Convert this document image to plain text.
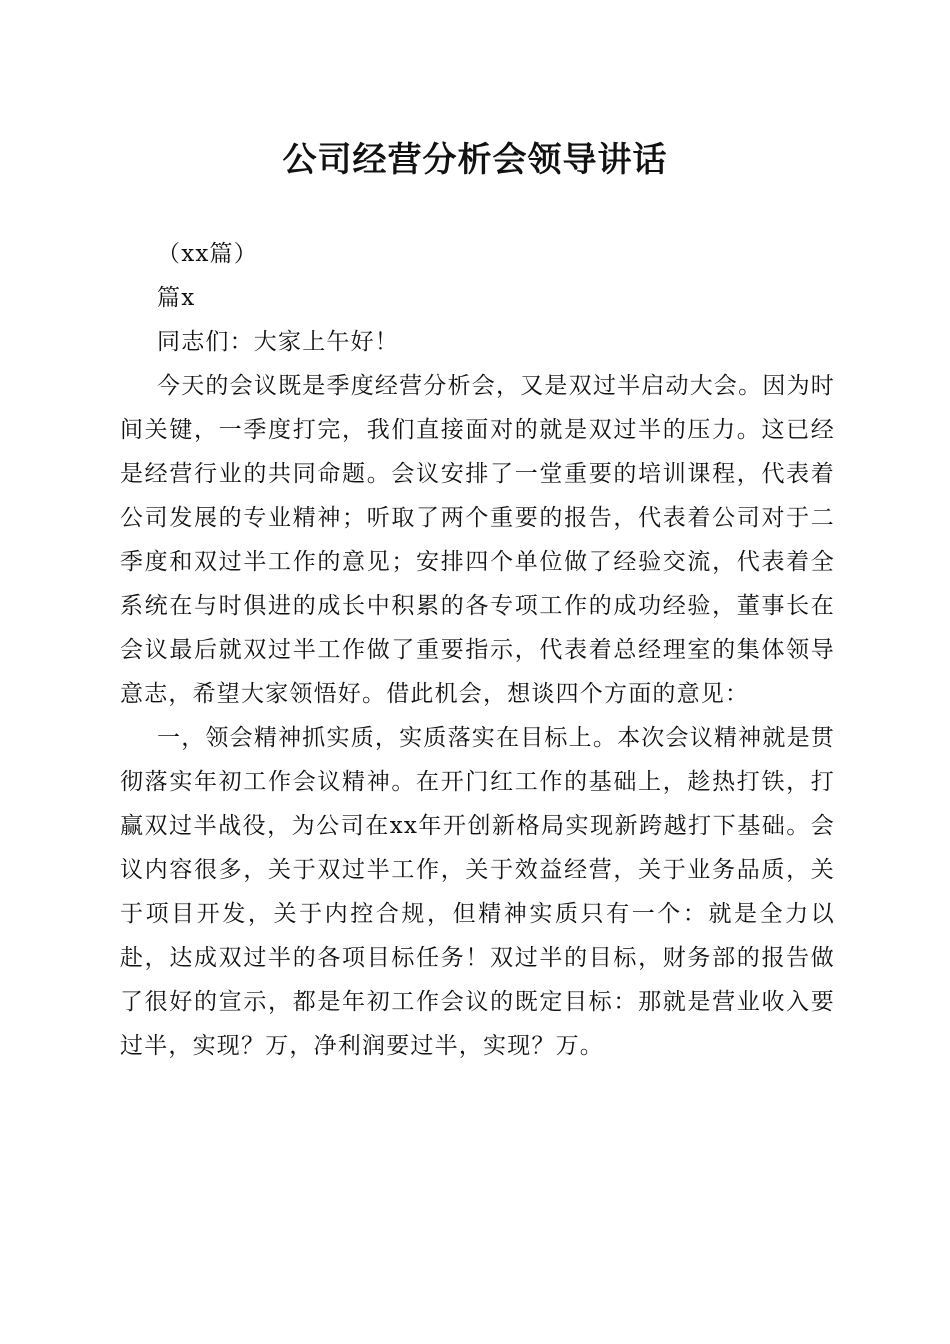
公司经营分析会领导讲话

（xx篇）

篇x

同志们：大家上午好！

今天的会议既是季度经营分析会，又是双过半启动大会。因为时间关键，一季度打完，我们直接面对的就是双过半的压力。这已经是经营行业的共同命题。会议安排了一堂重要的培训课程，代表着公司发展的专业精神；听取了两个重要的报告，代表着公司对于二季度和双过半工作的意见；安排四个单位做了经验交流，代表着全系统在与时俱进的成长中积累的各专项工作的成功经验，董事长在会议最后就双过半工作做了重要指示，代表着总经理室的集体领导意志，希望大家领悟好。借此机会，想谈四个方面的意见：

一，领会精神抓实质，实质落实在目标上。本次会议精神就是贯彻落实年初工作会议精神。在开门红工作的基础上，趁热打铁，打赢双过半战役，为公司在xx年开创新格局实现新跨越打下基础。会议内容很多，关于双过半工作，关于效益经营，关于业务品质，关于项目开发，关于内控合规，但精神实质只有一个：就是全力以赴，达成双过半的各项目标任务！双过半的目标，财务部的报告做了很好的宣示，都是年初工作会议的既定目标：那就是营业收入要过半，实现？万，净利润要过半，实现？万。
